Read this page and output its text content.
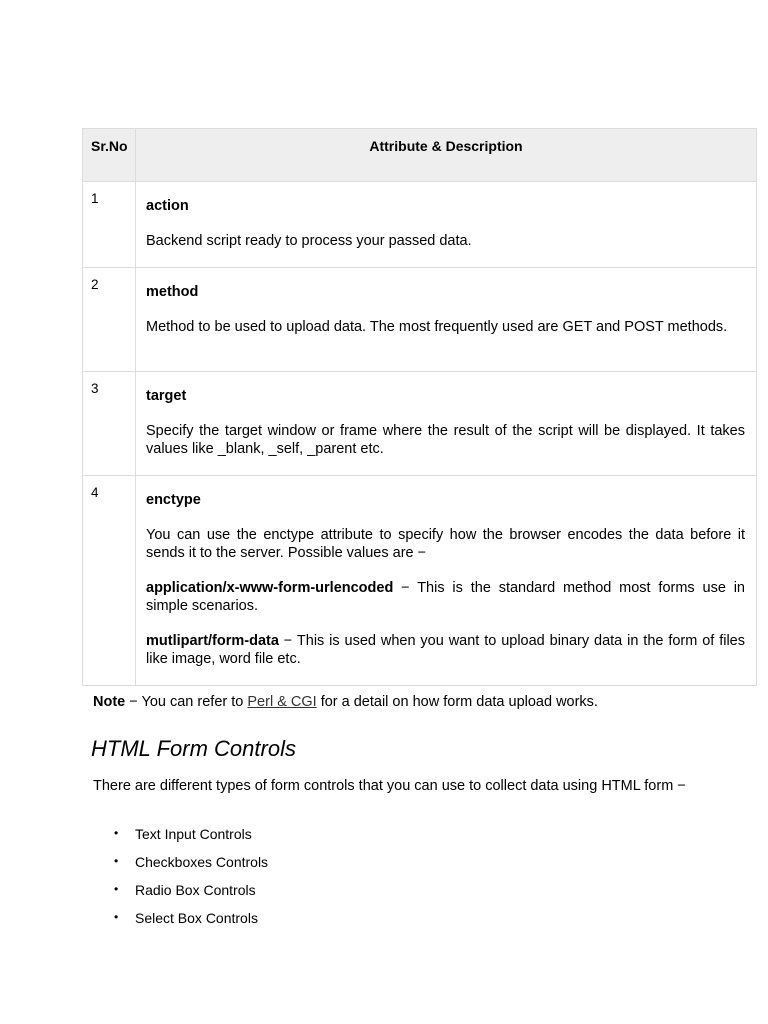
Sr.No	Attribute & Description
1	action

Backend script ready to process your passed data.

2	method

Method to be used to upload data. The most frequently used are GET and POST methods.

3	target

Specify the target window or frame where the result of the script will be displayed. It takes values like _blank, _self, _parent etc.

4	enctype

You can use the enctype attribute to specify how the browser encodes the data before it sends it to the server. Possible values are −

application/x-www-form-urlencoded − This is the standard method most forms use in simple scenarios.

mutlipart/form-data − This is used when you want to upload binary data in the form of files like image, word file etc.

Note − You can refer to Perl & CGI for a detail on how form data upload works.

HTML Form Controls

There are different types of form controls that you can use to collect data using HTML form −

• Text Input Controls
• Checkboxes Controls
• Radio Box Controls
• Select Box Controls
